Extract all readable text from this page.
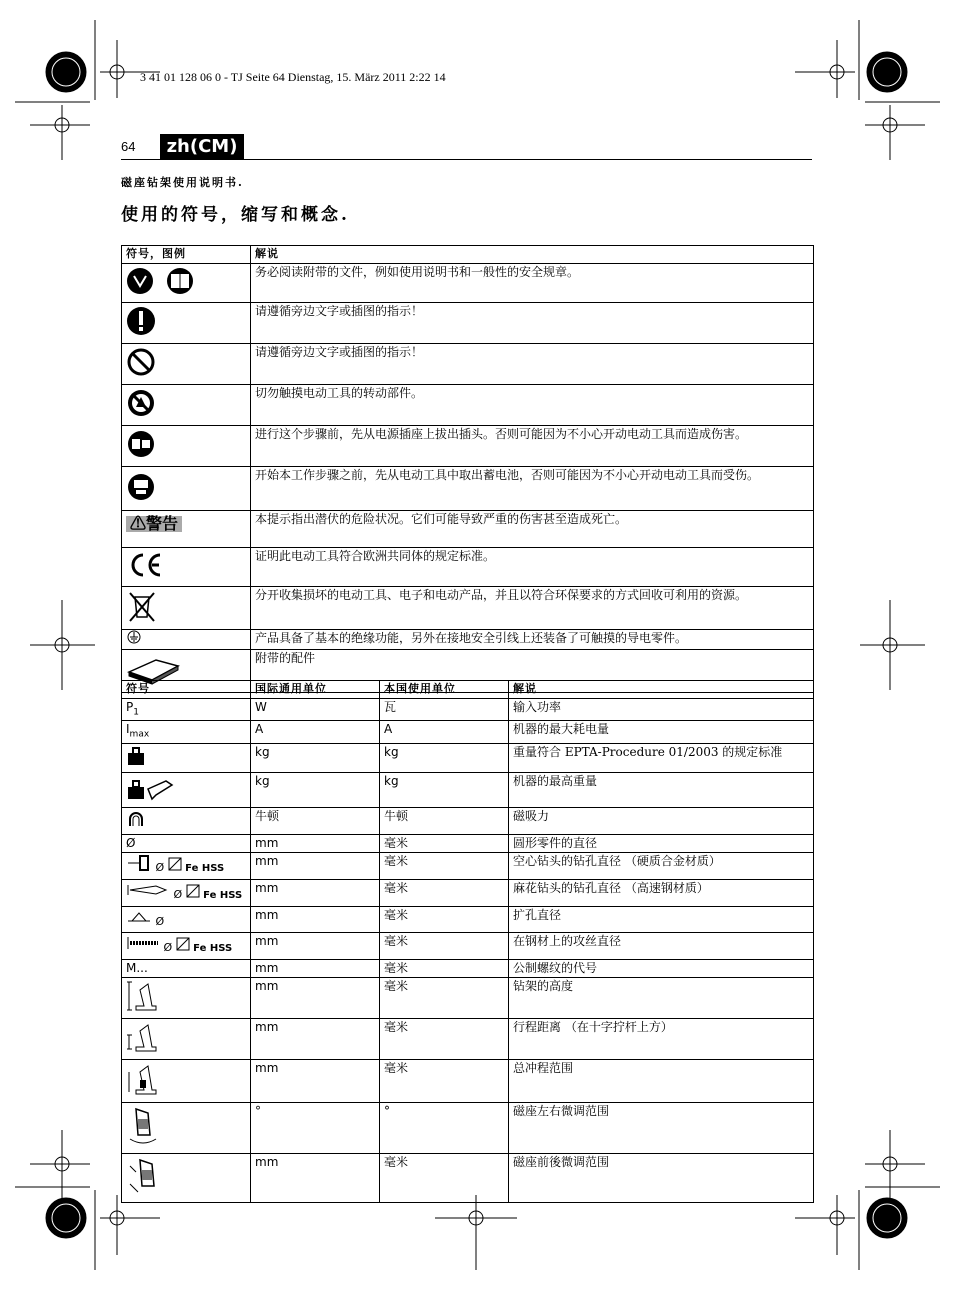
3 41 01 128 06 0 - TJ Seite 64 Dienstag, 15. März 2011 2:22 14
64	zh(CM)
磁座钻架使用说明书.
使用的符号，缩写和概念.
符号，图例	解说
	务必阅读附带的文件，例如使用说明书和一般性的安全规章。
	请遵循旁边文字或插图的指示！
	请遵循旁边文字或插图的指示！
	切勿触摸电动工具的转动部件。
	进行这个步骤前，先从电源插座上拔出插头。否则可能因为不小心开动电动工具而造成伤害。
	开始本工作步骤之前，先从电动工具中取出蓄电池，否则可能因为不小心开动电动工具而受伤。
⚠警告	本提示指出潜伏的危险状况。它们可能导致严重的伤害甚至造成死亡。
	证明此电动工具符合欧洲共同体的规定标准。
	分开收集损坏的电动工具、电子和电动产品，并且以符合环保要求的方式回收可利用的资源。
	产品具备了基本的绝缘功能，另外在接地安全引线上还装备了可触摸的导电零件。
	附带的配件
符号	国际通用单位	本国使用单位	解说
$P_1$	W	瓦	输入功率
$I_{max}$	A	A	机器的最大耗电量
	kg	kg	重量符合 EPTA-Procedure 01/2003 的规定标准
	kg	kg	机器的最高重量
	牛顿	牛顿	磁吸力
Ø	mm	毫米	圆形零件的直径
Ø Fe HSS	mm	毫米	空心钻头的钻孔直径 （硬质合金材质）
Ø Fe HSS	mm	毫米	麻花钻头的钻孔直径 （高速钢材质）
Ø	mm	毫米	扩孔直径
Ø Fe HSS	mm	毫米	在钢材上的攻丝直径
M...	mm	毫米	公制螺纹的代号
	mm	毫米	钻架的高度
	mm	毫米	行程距离 （在十字拧杆上方）
	mm	毫米	总冲程范围
	°	°	磁座左右微调范围
	mm	毫米	磁座前後微调范围
